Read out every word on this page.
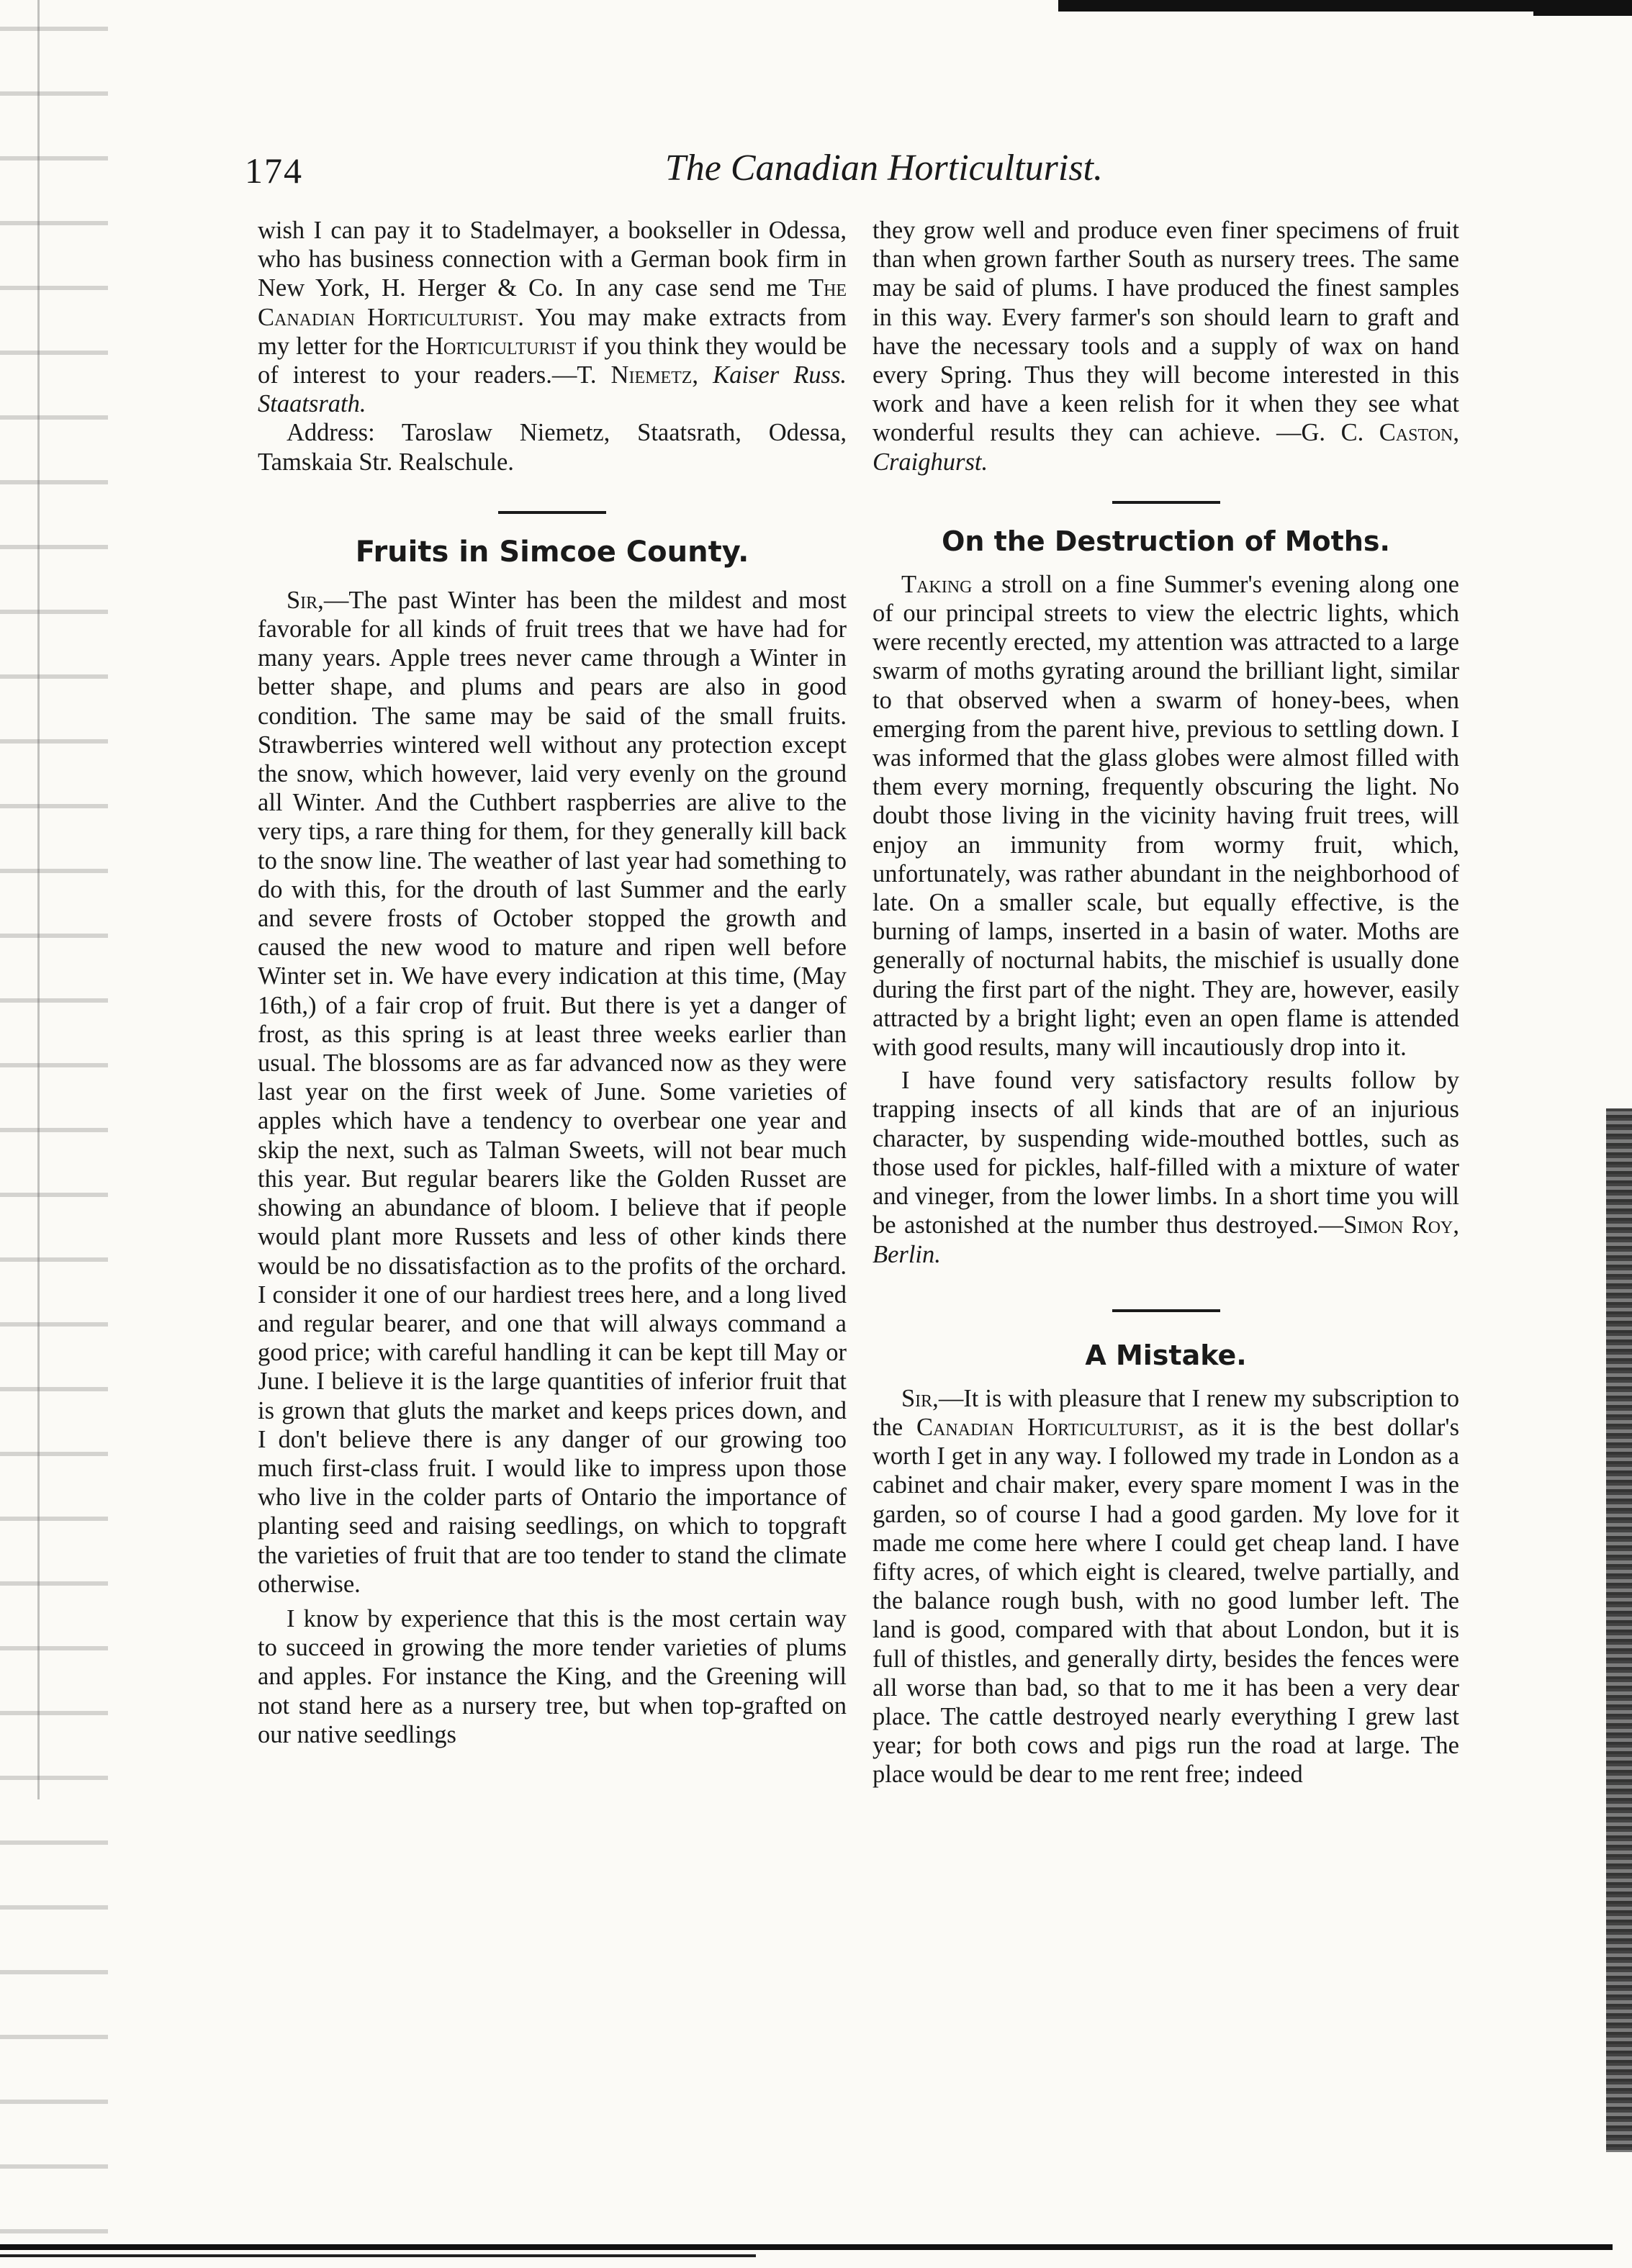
174	The Canadian Horticulturist.

wish I can pay it to Stadelmayer, a bookseller in Odessa, who has business connection with a German book firm in New York, H. Herger & Co. In any case send me The Canadian Horticulturist. You may make extracts from my letter for the Horticulturist if you think they would be of interest to your readers.—T. Niemetz, Kaiser Russ. Staatsrath.

Address: Taroslaw Niemetz, Staatsrath, Odessa, Tamskaia Str. Realschule.

Fruits in Simcoe County.

Sir,—The past Winter has been the mildest and most favorable for all kinds of fruit trees that we have had for many years. Apple trees never came through a Winter in better shape, and plums and pears are also in good condition. The same may be said of the small fruits. Strawberries wintered well without any protection except the snow, which however, laid very evenly on the ground all Winter. And the Cuthbert raspberries are alive to the very tips, a rare thing for them, for they generally kill back to the snow line. The weather of last year had something to do with this, for the drouth of last Summer and the early and severe frosts of October stopped the growth and caused the new wood to mature and ripen well before Winter set in. We have every indication at this time, (May 16th,) of a fair crop of fruit. But there is yet a danger of frost, as this spring is at least three weeks earlier than usual. The blossoms are as far advanced now as they were last year on the first week of June. Some varieties of apples which have a tendency to overbear one year and skip the next, such as Talman Sweets, will not bear much this year. But regular bearers like the Golden Russet are showing an abundance of bloom. I believe that if people would plant more Russets and less of other kinds there would be no dissatisfaction as to the profits of the orchard. I consider it one of our hardiest trees here, and a long lived and regular bearer, and one that will always command a good price; with careful handling it can be kept till May or June. I believe it is the large quantities of inferior fruit that is grown that gluts the market and keeps prices down, and I don't believe there is any danger of our growing too much first-class fruit. I would like to impress upon those who live in the colder parts of Ontario the importance of planting seed and raising seedlings, on which to topgraft the varieties of fruit that are too tender to stand the climate otherwise.

I know by experience that this is the most certain way to succeed in growing the more tender varieties of plums and apples. For instance the King, and the Greening will not stand here as a nursery tree, but when top-grafted on our native seedlings

they grow well and produce even finer specimens of fruit than when grown farther South as nursery trees. The same may be said of plums. I have produced the finest samples in this way. Every farmer's son should learn to graft and have the necessary tools and a supply of wax on hand every Spring. Thus they will become interested in this work and have a keen relish for it when they see what wonderful results they can achieve. —G. C. Caston, Craighurst.

On the Destruction of Moths.

Taking a stroll on a fine Summer's evening along one of our principal streets to view the electric lights, which were recently erected, my attention was attracted to a large swarm of moths gyrating around the brilliant light, similar to that observed when a swarm of honey-bees, when emerging from the parent hive, previous to settling down. I was informed that the glass globes were almost filled with them every morning, frequently obscuring the light. No doubt those living in the vicinity having fruit trees, will enjoy an immunity from wormy fruit, which, unfortunately, was rather abundant in the neighborhood of late. On a smaller scale, but equally effective, is the burning of lamps, inserted in a basin of water. Moths are generally of nocturnal habits, the mischief is usually done during the first part of the night. They are, however, easily attracted by a bright light; even an open flame is attended with good results, many will incautiously drop into it.

I have found very satisfactory results follow by trapping insects of all kinds that are of an injurious character, by suspending wide-mouthed bottles, such as those used for pickles, half-filled with a mixture of water and vineger, from the lower limbs. In a short time you will be astonished at the number thus destroyed.—Simon Roy, Berlin.

A Mistake.

Sir,—It is with pleasure that I renew my subscription to the Canadian Horticulturist, as it is the best dollar's worth I get in any way. I followed my trade in London as a cabinet and chair maker, every spare moment I was in the garden, so of course I had a good garden. My love for it made me come here where I could get cheap land. I have fifty acres, of which eight is cleared, twelve partially, and the balance rough bush, with no good lumber left. The land is good, compared with that about London, but it is full of thistles, and generally dirty, besides the fences were all worse than bad, so that to me it has been a very dear place. The cattle destroyed nearly everything I grew last year; for both cows and pigs run the road at large. The place would be dear to me rent free; indeed
